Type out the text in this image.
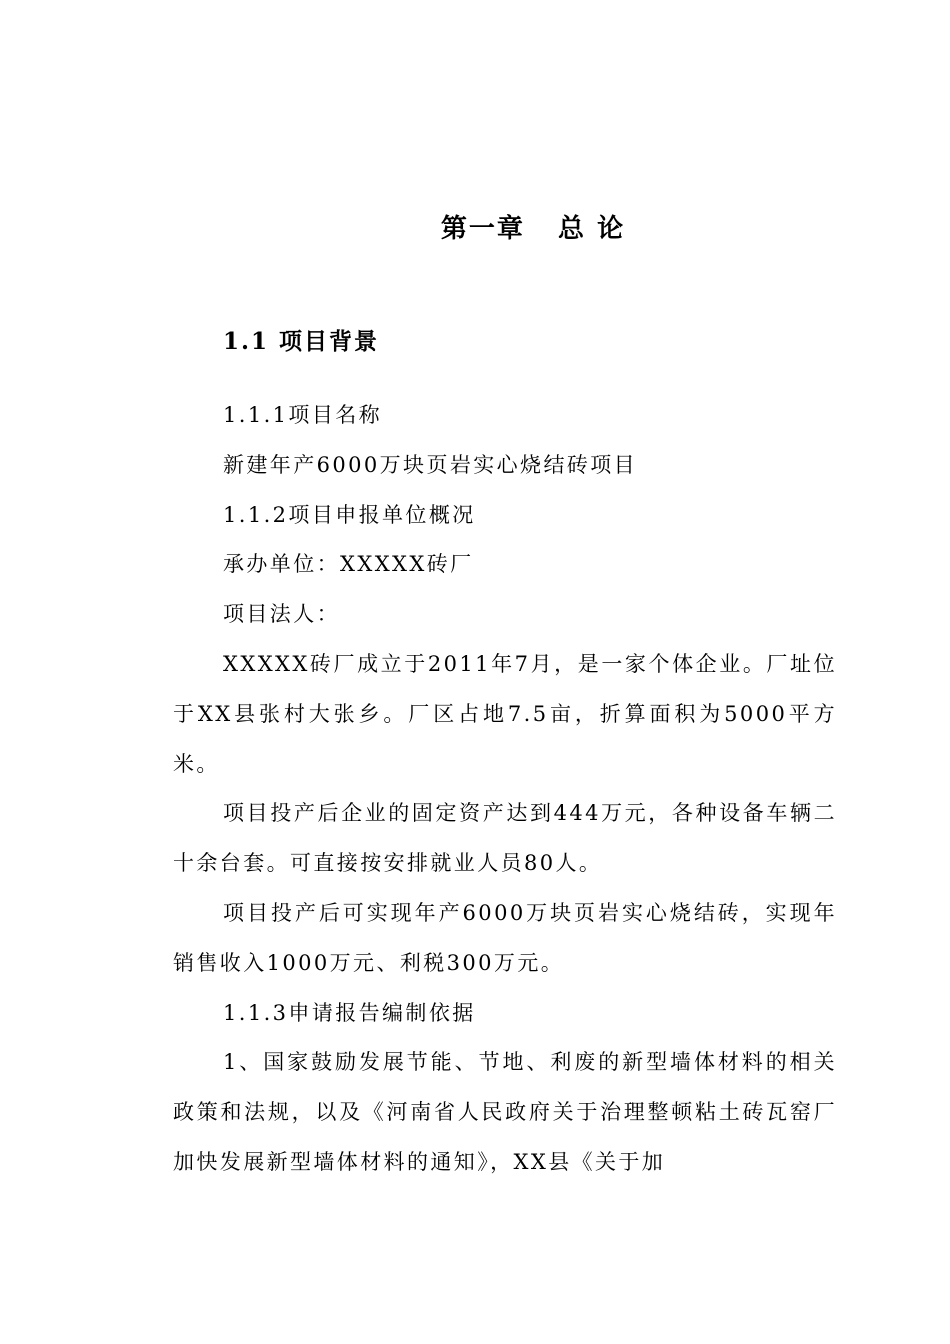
第一章   总 论
1.1 项目背景

1.1.1项目名称

新建年产6000万块页岩实心烧结砖项目

1.1.2项目申报单位概况

承办单位：XXXXX砖厂

项目法人：

XXXXX砖厂成立于2011年7月，是一家个体企业。厂址位于XX县张村大张乡。厂区占地7.5亩，折算面积为5000平方米。

项目投产后企业的固定资产达到444万元，各种设备车辆二十余台套。可直接按安排就业人员80人。

项目投产后可实现年产6000万块页岩实心烧结砖，实现年销售收入1000万元、利税300万元。

1.1.3申请报告编制依据

1、国家鼓励发展节能、节地、利废的新型墙体材料的相关政策和法规，以及《河南省人民政府关于治理整顿粘土砖瓦窑厂加快发展新型墙体材料的通知》，XX县《关于加
